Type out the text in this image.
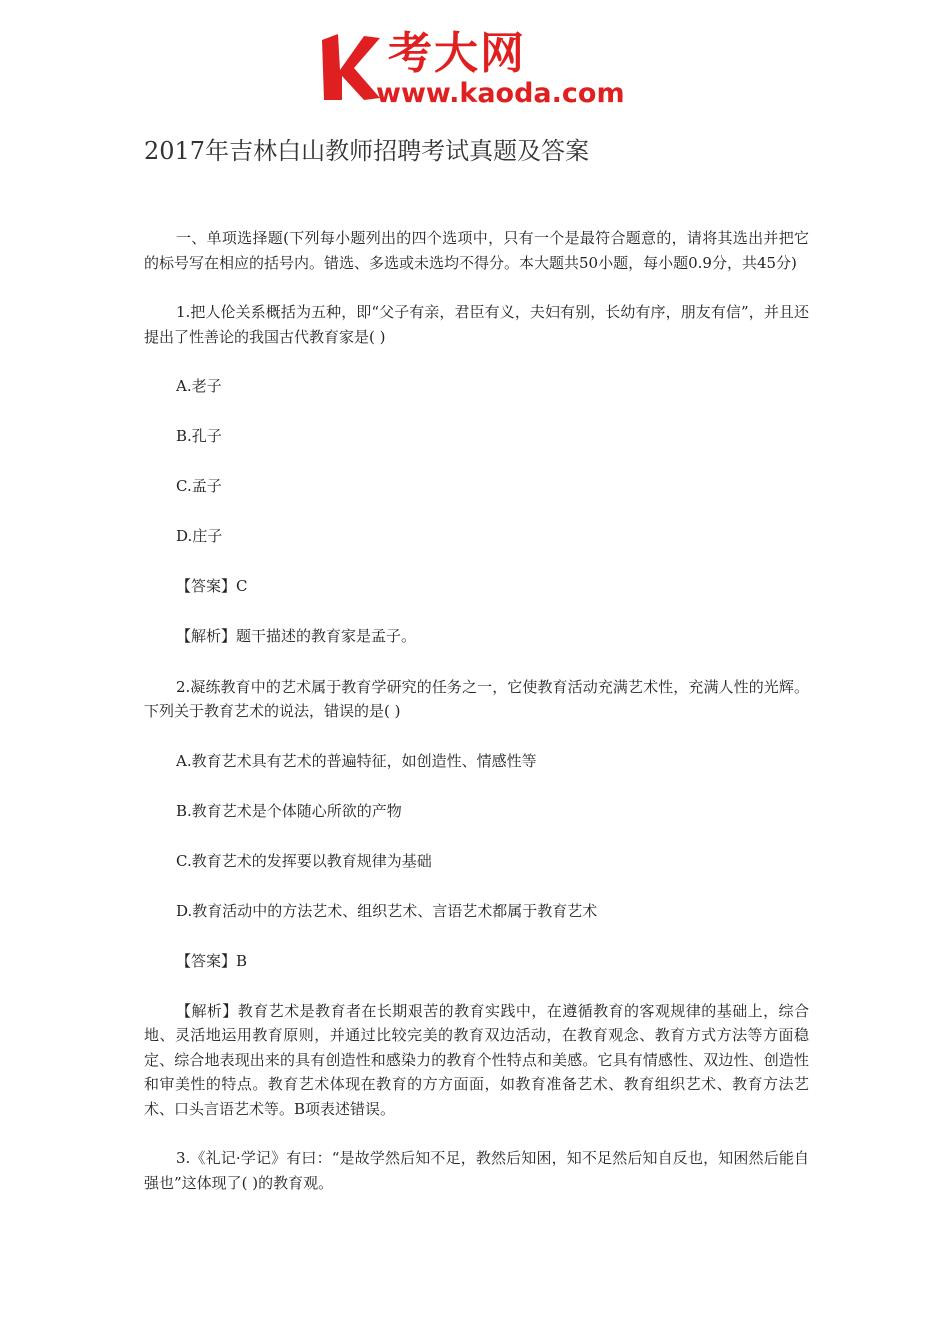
考大网
www.kaoda.com
2017年吉林白山教师招聘考试真题及答案

一、单项选择题(下列每小题列出的四个选项中，只有一个是最符合题意的，请将其选出并把它的标号写在相应的括号内。错选、多选或未选均不得分。本大题共50小题，每小题0.9分，共45分)

1.把人伦关系概括为五种，即“父子有亲，君臣有义，夫妇有别，长幼有序，朋友有信”，并且还提出了性善论的我国古代教育家是( )

A.老子

B.孔子

C.孟子

D.庄子

【答案】C

【解析】题干描述的教育家是孟子。

2.凝练教育中的艺术属于教育学研究的任务之一，它使教育活动充满艺术性，充满人性的光辉。下列关于教育艺术的说法，错误的是( )

A.教育艺术具有艺术的普遍特征，如创造性、情感性等

B.教育艺术是个体随心所欲的产物

C.教育艺术的发挥要以教育规律为基础

D.教育活动中的方法艺术、组织艺术、言语艺术都属于教育艺术

【答案】B

【解析】教育艺术是教育者在长期艰苦的教育实践中，在遵循教育的客观规律的基础上，综合地、灵活地运用教育原则，并通过比较完美的教育双边活动，在教育观念、教育方式方法等方面稳定、综合地表现出来的具有创造性和感染力的教育个性特点和美感。它具有情感性、双边性、创造性和审美性的特点。教育艺术体现在教育的方方面面，如教育准备艺术、教育组织艺术、教育方法艺术、口头言语艺术等。B项表述错误。

3.《礼记·学记》有曰：“是故学然后知不足，教然后知困，知不足然后知自反也，知困然后能自强也”这体现了( )的教育观。
